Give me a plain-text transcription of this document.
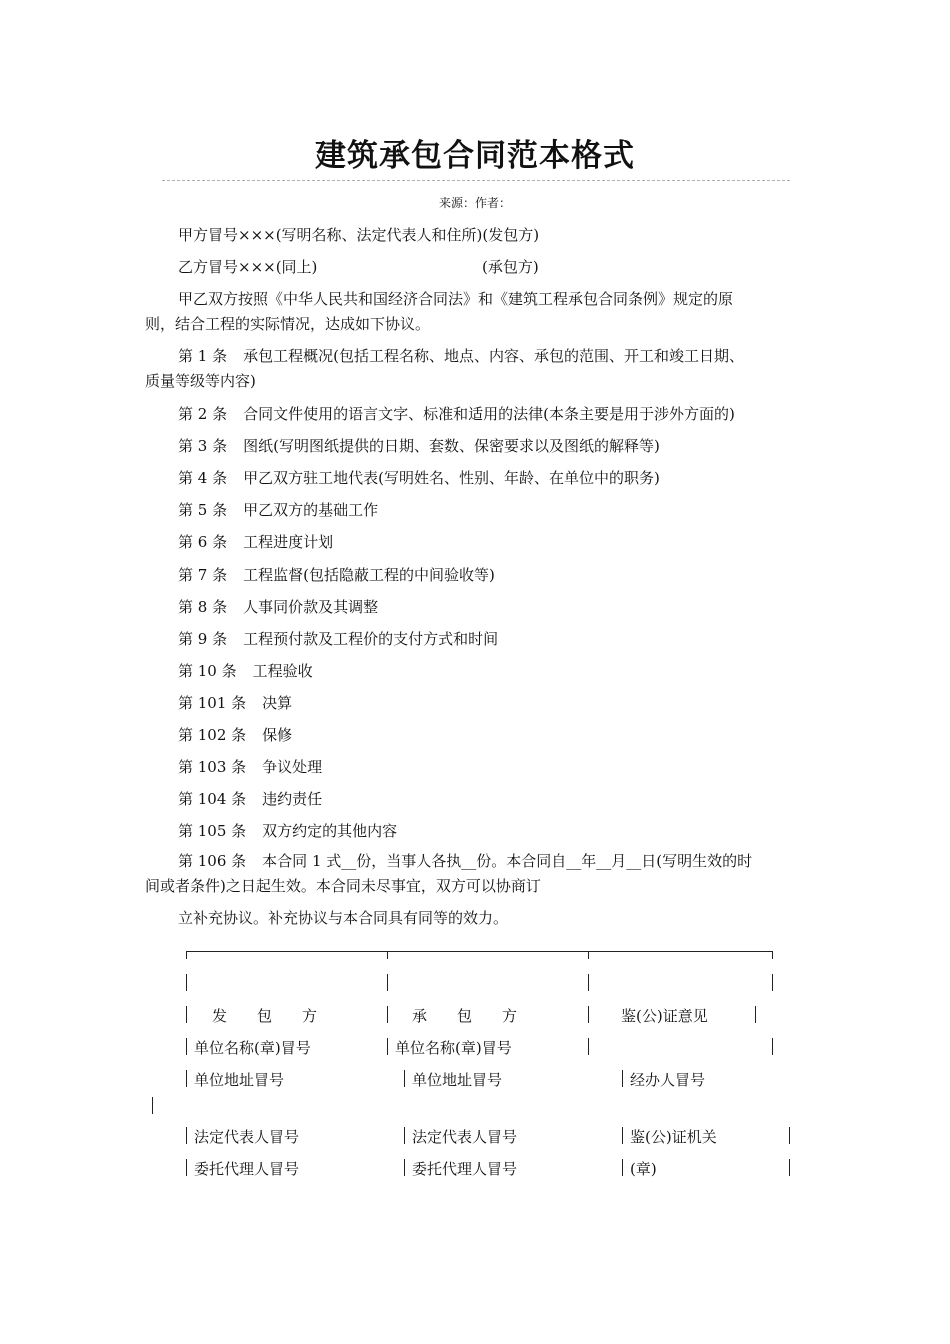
建筑承包合同范本格式
来源：作者：
甲方冒号×××(写明名称、法定代表人和住所)(发包方)
乙方冒号×××(同上)	(承包方)
甲乙双方按照《中华人民共和国经济合同法》和《建筑工程承包合同条例》规定的原
则，结合工程的实际情况，达成如下协议。
第 1 条 承包工程概况(包括工程名称、地点、内容、承包的范围、开工和竣工日期、
质量等级等内容)
第 2 条 合同文件使用的语言文字、标准和适用的法律(本条主要是用于涉外方面的)
第 3 条 图纸(写明图纸提供的日期、套数、保密要求以及图纸的解释等)
第 4 条 甲乙双方驻工地代表(写明姓名、性别、年龄、在单位中的职务)
第 5 条 甲乙双方的基础工作
第 6 条 工程进度计划
第 7 条 工程监督(包括隐蔽工程的中间验收等)
第 8 条 人事同价款及其调整
第 9 条 工程预付款及工程价的支付方式和时间
第 10 条 工程验收
第 101 条 决算
第 102 条 保修
第 103 条 争议处理
第 104 条 违约责任
第 105 条 双方约定的其他内容
第 106 条 本合同 1 式__份，当事人各执__份。本合同自__年__月__日(写明生效的时
间或者条件)之日起生效。本合同未尽事宜，双方可以协商订
立补充协议。补充协议与本合同具有同等的效力。
发　　包　　方	承　　包　　方	鉴(公)证意见
单位名称(章)冒号	单位名称(章)冒号
单位地址冒号	单位地址冒号	经办人冒号
法定代表人冒号	法定代表人冒号	鉴(公)证机关
委托代理人冒号	委托代理人冒号	(章)
